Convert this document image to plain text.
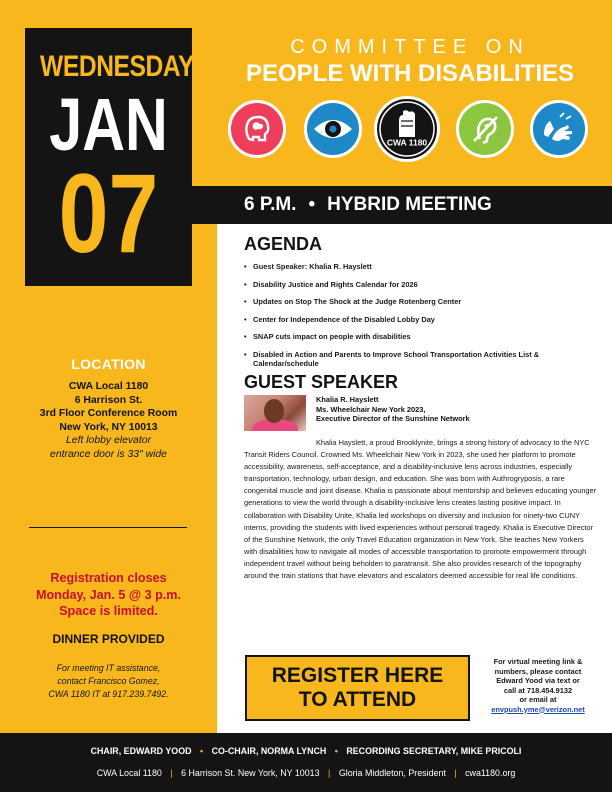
WEDNESDAY
JAN
07
COMMITTEE ON
PEOPLE WITH DISABILITIES
CWA 1180
6 P.M. • HYBRID MEETING
AGENDA
• Guest Speaker: Khalia R. Hayslett
• Disability Justice and Rights Calendar for 2026
• Updates on Stop The Shock at the Judge Rotenberg Center
• Center for Independence of the Disabled Lobby Day
• SNAP cuts impact on people with disabilities
• Disabled in Action and Parents to Improve School Transportation Activities List & Calendar/schedule
GUEST SPEAKER
Khalia R. Hayslett
Ms. Wheelchair New York 2023,
Executive Director of the Sunshine Network

Khalia Hayslett, a proud Brooklynite, brings a strong history of advocacy to the NYC Transit Riders Council. Crowned Ms. Wheelchair New York in 2023, she used her platform to promote accessibility, awareness, self-acceptance, and a disability-inclusive lens across industries, especially transportation, technology, urban design, and education. She was born with Authrogryposis, a rare congenital muscle and joint disease. Khalia is passionate about mentorship and believes educating younger generations to view the world through a disability-inclusive lens creates lasting positive impact. In collaboration with Disability Unite, Khalia led workshops on diversity and inclusion for ninety-two CUNY interns, providing the students with lived experiences without personal tragedy. Khalia is Executive Director of the Sunshine Network, the only Travel Education organization in New York. She teaches New Yorkers with disabilities how to navigate all modes of accessible transportation to promote empowerment through independent travel without being beholden to paratransit. She also provides research of the topography around the train stations that have elevators and escalators deemed accessible for real life conditions.

REGISTER HERE
TO ATTEND
For virtual meeting link &
numbers, please contact
Edward Yood via text or
call at 718.454.9132
or email at
envpush.yme@verizon.net
LOCATION
CWA Local 1180
6 Harrison St.
3rd Floor Conference Room
New York, NY 10013
Left lobby elevator
entrance door is 33" wide
Registration closes
Monday, Jan. 5 @ 3 p.m.
Space is limited.
DINNER PROVIDED
For meeting IT assistance,
contact Francisco Gomez,
CWA 1180 IT at 917.239.7492.
CHAIR, EDWARD YOOD • CO-CHAIR, NORMA LYNCH • RECORDING SECRETARY, MIKE PRICOLI
CWA Local 1180 | 6 Harrison St. New York, NY 10013 | Gloria Middleton, President | cwa1180.org
